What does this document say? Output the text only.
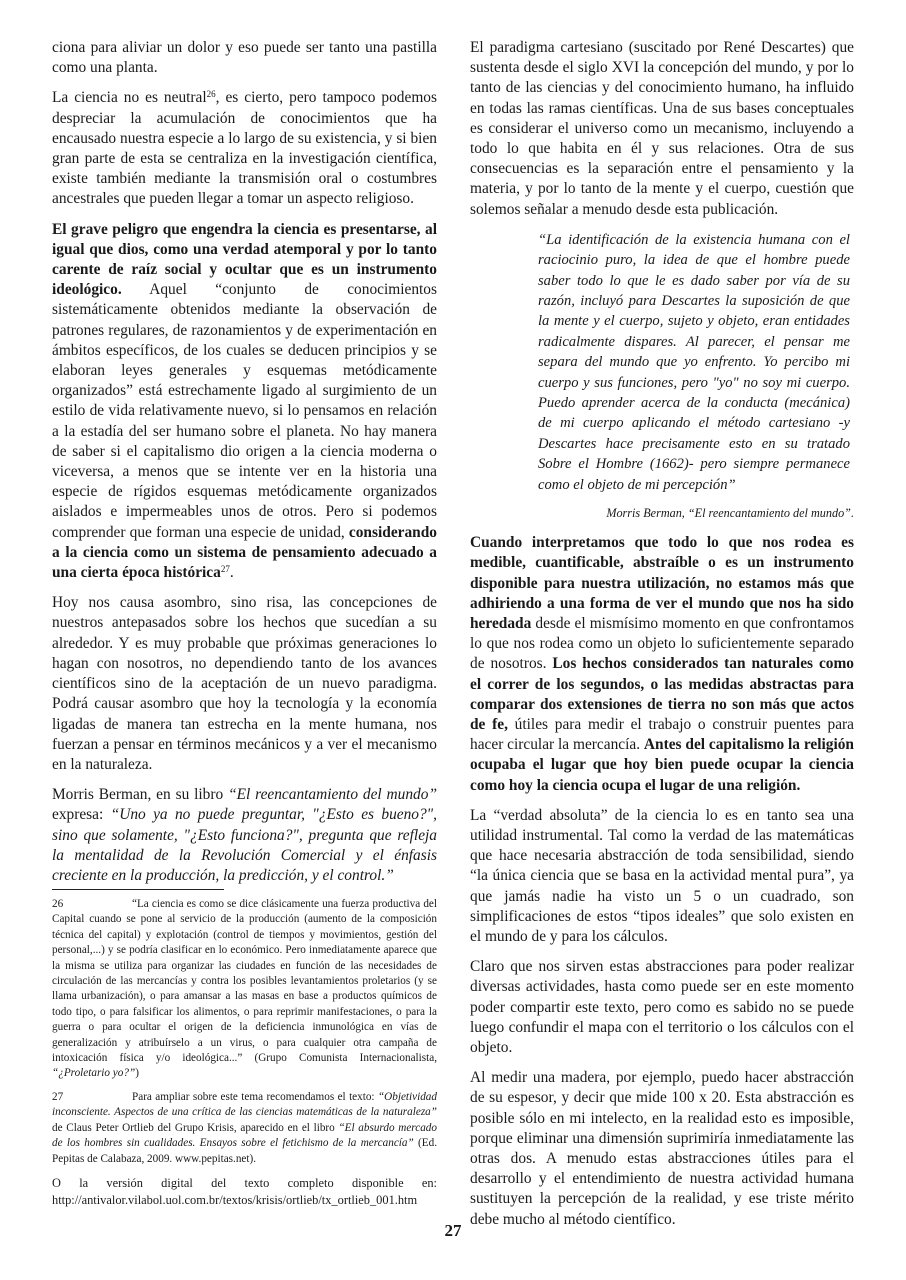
ciona para aliviar un dolor y eso puede ser tanto una pastilla como una planta.

La ciencia no es neutral$^{26}$, es cierto, pero tampoco podemos despreciar la acumulación de conocimientos que ha encausado nuestra especie a lo largo de su existencia, y si bien gran parte de esta se centraliza en la investigación científica, existe también mediante la transmisión oral o costumbres ancestrales que pueden llegar a tomar un aspecto religioso.

El grave peligro que engendra la ciencia es presentarse, al igual que dios, como una verdad atemporal y por lo tanto carente de raíz social y ocultar que es un instrumento ideológico. Aquel “conjunto de conocimientos sistemáticamente obtenidos mediante la observación de patrones regulares, de razonamientos y de experimentación en ámbitos específicos, de los cuales se deducen principios y se elaboran leyes generales y esquemas metódicamente organizados” está estrechamente ligado al surgimiento de un estilo de vida relativamente nuevo, si lo pensamos en relación a la estadía del ser humano sobre el planeta. No hay manera de saber si el capitalismo dio origen a la ciencia moderna o viceversa, a menos que se intente ver en la historia una especie de rígidos esquemas metódicamente organizados aislados e impermeables unos de otros. Pero si podemos comprender que forman una especie de unidad, considerando a la ciencia como un sistema de pensamiento adecuado a una cierta época histórica$^{27}$.

Hoy nos causa asombro, sino risa, las concepciones de nuestros antepasados sobre los hechos que sucedían a su alrededor. Y es muy probable que próximas generaciones lo hagan con nosotros, no dependiendo tanto de los avances científicos sino de la aceptación de un nuevo paradigma. Podrá causar asombro que hoy la tecnología y la economía ligadas de manera tan estrecha en la mente humana, nos fuerzan a pensar en términos mecánicos y a ver el mecanismo en la naturaleza.

Morris Berman, en su libro “El reencantamiento del mundo” expresa: “Uno ya no puede preguntar, "¿Esto es bueno?", sino que solamente, "¿Esto funciona?", pregunta que refleja la mentalidad de la Revolución Comercial y el énfasis creciente en la producción, la predicción, y el control.”

26	“La ciencia es como se dice clásicamente una fuerza productiva del Capital cuando se pone al servicio de la producción (aumento de la composición técnica del capital) y explotación (control de tiempos y movimientos, gestión del personal,...) y se podría clasificar en lo económico. Pero inmediatamente aparece que la misma se utiliza para organizar las ciudades en función de las necesidades de circulación de las mercancías y contra los posibles levantamientos proletarios (y se llama urbanización), o para amansar a las masas en base a productos químicos de todo tipo, o para falsificar los alimentos, o para reprimir manifestaciones, o para la guerra o para ocultar el origen de la deficiencia inmunológica en vías de generalización y atribuírselo a un virus, o para cualquier otra campaña de intoxicación física y/o ideológica...” (Grupo Comunista Internacionalista, “¿Proletario yo?”)

27	Para ampliar sobre este tema recomendamos el texto: “Objetividad inconsciente. Aspectos de una crítica de las ciencias matemáticas de la naturaleza” de Claus Peter Ortlieb del Grupo Krisis, aparecido en el libro “El absurdo mercado de los hombres sin cualidades. Ensayos sobre el fetichismo de la mercancía” (Ed. Pepitas de Calabaza, 2009. www.pepitas.net).

O la versión digital del texto completo disponible en: http://antivalor.vilabol.uol.com.br/textos/krisis/ortlieb/tx_ortlieb_001.htm

El paradigma cartesiano (suscitado por René Descartes) que sustenta desde el siglo XVI la concepción del mundo, y por lo tanto de las ciencias y del conocimiento humano, ha influido en todas las ramas científicas. Una de sus bases conceptuales es considerar el universo como un mecanismo, incluyendo a todo lo que habita en él y sus relaciones. Otra de sus consecuencias es la separación entre el pensamiento y la materia, y por lo tanto de la mente y el cuerpo, cuestión que solemos señalar a menudo desde esta publicación.

“La identificación de la existencia humana con el raciocinio puro, la idea de que el hombre puede saber todo lo que le es dado saber por vía de su razón, incluyó para Descartes la suposición de que la mente y el cuerpo, sujeto y objeto, eran entidades radicalmente dispares. Al parecer, el pensar me separa del mundo que yo enfrento. Yo percibo mi cuerpo y sus funciones, pero "yo" no soy mi cuerpo. Puedo aprender acerca de la conducta (mecánica) de mi cuerpo aplicando el método cartesiano -y Descartes hace precisamente esto en su tratado Sobre el Hombre (1662)- pero siempre permanece como el objeto de mi percepción”

Morris Berman, “El reencantamiento del mundo”.

Cuando interpretamos que todo lo que nos rodea es medible, cuantificable, abstraíble o es un instrumento disponible para nuestra utilización, no estamos más que adhiriendo a una forma de ver el mundo que nos ha sido heredada desde el mismísimo momento en que confrontamos lo que nos rodea como un objeto lo suficientemente separado de nosotros. Los hechos considerados tan naturales como el correr de los segundos, o las medidas abstractas para comparar dos extensiones de tierra no son más que actos de fe, útiles para medir el trabajo o construir puentes para hacer circular la mercancía. Antes del capitalismo la religión ocupaba el lugar que hoy bien puede ocupar la ciencia como hoy la ciencia ocupa el lugar de una religión.

La “verdad absoluta” de la ciencia lo es en tanto sea una utilidad instrumental. Tal como la verdad de las matemáticas que hace necesaria abstracción de toda sensibilidad, siendo “la única ciencia que se basa en la actividad mental pura”, ya que jamás nadie ha visto un 5 o un cuadrado, son simplificaciones de estos “tipos ideales” que solo existen en el mundo de y para los cálculos.

Claro que nos sirven estas abstracciones para poder realizar diversas actividades, hasta como puede ser en este momento poder compartir este texto, pero como es sabido no se puede luego confundir el mapa con el territorio o los cálculos con el objeto.

Al medir una madera, por ejemplo, puedo hacer abstracción de su espesor, y decir que mide 100 x 20. Esta abstracción es posible sólo en mi intelecto, en la realidad esto es imposible, porque eliminar una dimensión suprimiría inmediatamente las otras dos. A menudo estas abstracciones útiles para el desarrollo y el entendimiento de nuestra actividad humana sustituyen la percepción de la realidad, y ese triste mérito debe mucho al método científico.

27
